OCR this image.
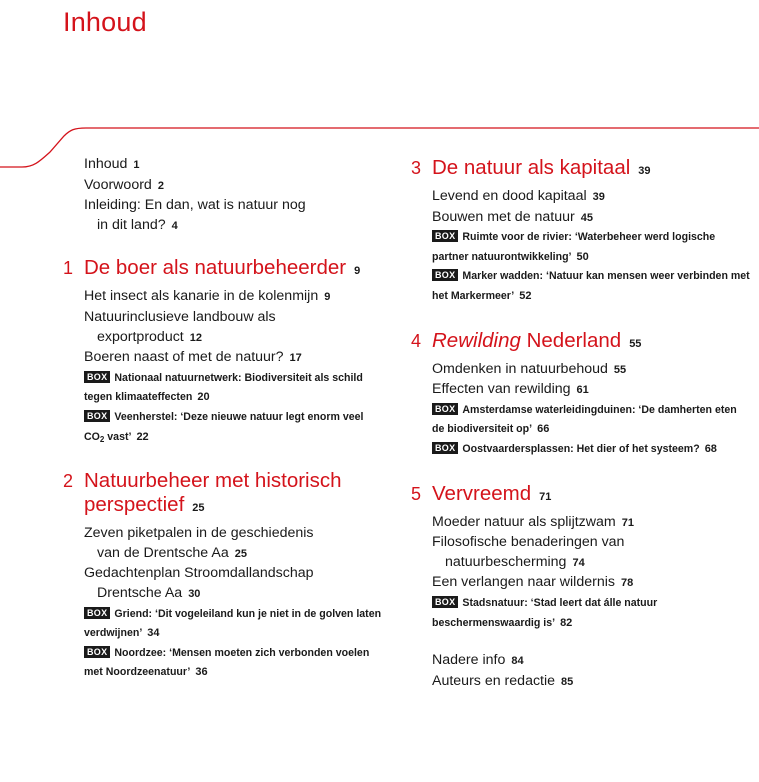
Inhoud
Inhoud 1
Voorwoord 2
Inleiding: En dan, wat is natuur nog
in dit land? 4
1 De boer als natuurbeheerder 9
Het insect als kanarie in de kolenmijn 9
Natuurinclusieve landbouw als
exportproduct 12
Boeren naast of met de natuur? 17
BOX Nationaal natuurnetwerk: Biodiversiteit als schild tegen klimaateffecten 20
BOX Veenherstel: ‘Deze nieuwe natuur legt enorm veel $CO_2$ vast’ 22
2 Natuurbeheer met historisch perspectief 25
Zeven piketpalen in de geschiedenis
van de Drentsche Aa 25
Gedachtenplan Stroomdallandschap
Drentsche Aa 30
BOX Griend: ‘Dit vogeleiland kun je niet in de golven laten verdwijnen’ 34
BOX Noordzee: ‘Mensen moeten zich verbonden voelen met Noordzeenatuur’ 36
3 De natuur als kapitaal 39
Levend en dood kapitaal 39
Bouwen met de natuur 45
BOX Ruimte voor de rivier: ‘Waterbeheer werd logische partner natuurontwikkeling’ 50
BOX Marker wadden: ‘Natuur kan mensen weer verbinden met het Markermeer’ 52
4 Rewilding Nederland 55
Omdenken in natuurbehoud 55
Effecten van rewilding 61
BOX Amsterdamse waterleidingduinen: ‘De damherten eten de biodiversiteit op’ 66
BOX Oostvaardersplassen: Het dier of het systeem? 68
5 Vervreemd 71
Moeder natuur als splijtzwam 71
Filosofische benaderingen van
natuurbescherming 74
Een verlangen naar wildernis 78
BOX Stadsnatuur: ‘Stad leert dat álle natuur beschermenswaardig is’ 82
Nadere info 84
Auteurs en redactie 85
